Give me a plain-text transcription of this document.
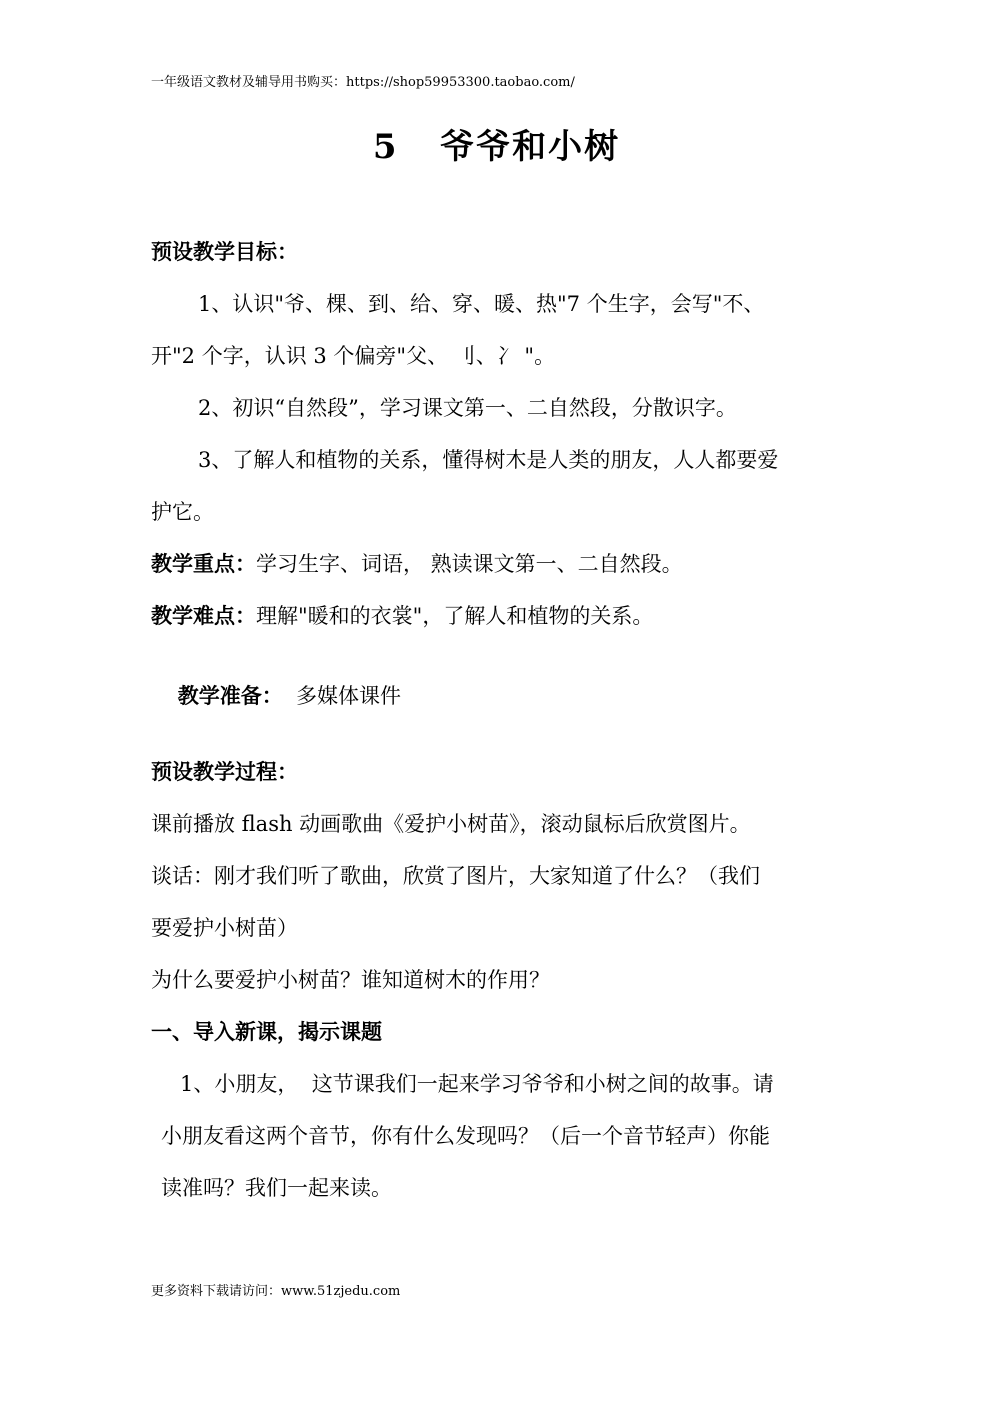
一年级语文教材及辅导用书购买：https://shop59953300.taobao.com/
5   爷爷和小树
预设教学目标：
1、认识"爷、棵、到、给、穿、暖、热"7 个生字，会写"不、
开"2 个字，认识 3 个偏旁"父、 刂、冫 "。
2、初识“自然段”，学习课文第一、二自然段，分散识字。
3、了解人和植物的关系，懂得树木是人类的朋友，人人都要爱
护它。
教学重点：学习生字、词语， 熟读课文第一、二自然段。
教学难点：理解"暖和的衣裳"，了解人和植物的关系。

教学准备：  多媒体课件

预设教学过程：
课前播放 flash 动画歌曲《爱护小树苗》，滚动鼠标后欣赏图片。
谈话：刚才我们听了歌曲，欣赏了图片，大家知道了什么？（我们
要爱护小树苗）
为什么要爱护小树苗？谁知道树木的作用？
一、导入新课，揭示课题
1、小朋友，  这节课我们一起来学习爷爷和小树之间的故事。请
小朋友看这两个音节，你有什么发现吗？（后一个音节轻声）你能
读准吗？我们一起来读。
更多资料下载请访问：www.51zjedu.com
